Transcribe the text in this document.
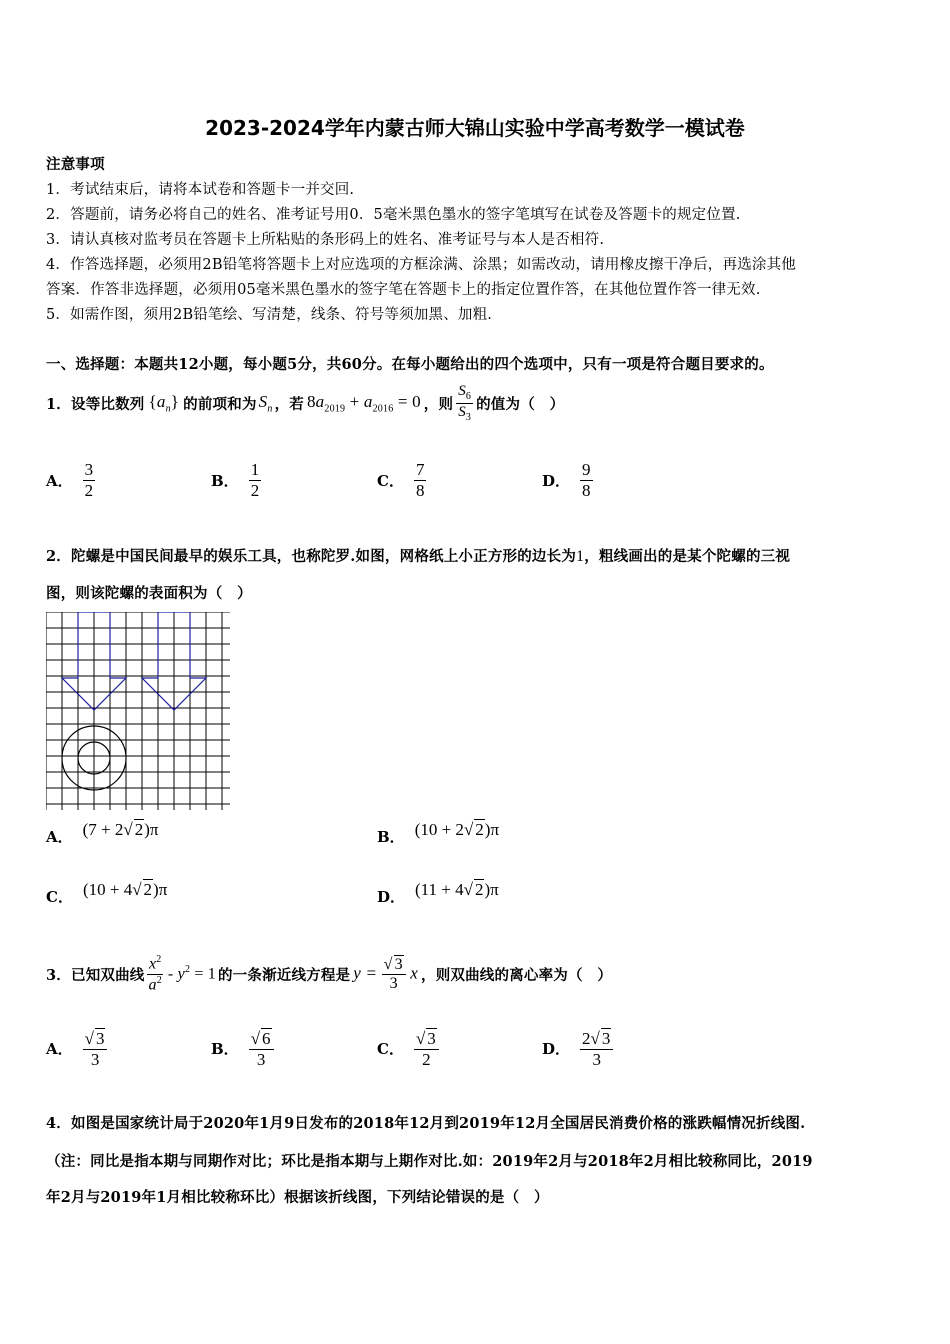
2023-2024学年内蒙古师大锦山实验中学高考数学一模试卷
注意事项
1．考试结束后，请将本试卷和答题卡一并交回.
2．答题前，请务必将自己的姓名、准考证号用0．5毫米黑色墨水的签字笔填写在试卷及答题卡的规定位置.
3．请认真核对监考员在答题卡上所粘贴的条形码上的姓名、准考证号与本人是否相符.
4．作答选择题，必须用2B铅笔将答题卡上对应选项的方框涂满、涂黑；如需改动，请用橡皮擦干净后，再选涂其他
答案．作答非选择题，必须用05毫米黑色墨水的签字笔在答题卡上的指定位置作答，在其他位置作答一律无效.
5．如需作图，须用2B铅笔绘、写清楚，线条、符号等须加黑、加粗.
一、选择题：本题共12小题，每小题5分，共60分。在每小题给出的四个选项中，只有一项是符合题目要求的。
1．设等比数列 $\{a_n\}$ 的前项和为 $S_n$ ，若 $8a_{2019} + a_{2016} = 0$ ，则 $\frac{S_6}{S_3}$ 的值为（　）
A． $\frac{3}{2}$	B． $\frac{1}{2}$	C． $\frac{7}{8}$	D． $\frac{9}{8}$
2．陀螺是中国民间最早的娱乐工具，也称陀罗.如图，网格纸上小正方形的边长为1，粗线画出的是某个陀螺的三视
图，则该陀螺的表面积为（　）
A． (7 + 2√ 2)π	B． (10 + 2√ 2)π
C． (10 + 4√ 2)π	D． (11 + 4√ 2)π
3．已知双曲线 $\frac{x^2}{a^2} - y^2 = 1$ 的一条渐近线方程是 $y = \frac{√ 3}{3}$ x ，则双曲线的离心率为（　）
A． $\frac{√ 3}{3}$	B． $\frac{√ 6}{3}$	C． $\frac{√ 3}{2}$	D． $\frac{2√ 3}{3}$
4．如图是国家统计局于2020年1月9日发布的2018年12月到2019年12月全国居民消费价格的涨跌幅情况折线图.
（注：同比是指本期与同期作对比；环比是指本期与上期作对比.如：2019年2月与2018年2月相比较称同比，2019
年2月与2019年1月相比较称环比）根据该折线图，下列结论错误的是（　）
